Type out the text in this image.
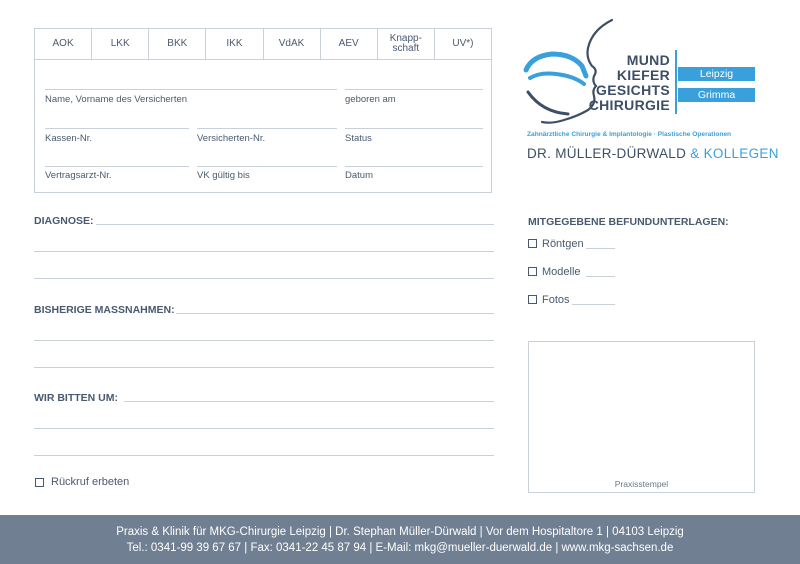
AOK	LKK	BKK	IKK	VdAK	AEV	Knapp-
schaft	UV*)
Name, Vorname des Versicherten	geboren am
Kassen-Nr.	Versicherten-Nr.	Status
Vertragsarzt-Nr.	VK gültig bis	Datum
MUND
KIEFER
GESICHTS
CHIRURGIE
Leipzig
Grimma
Zahnärztliche Chirurgie & Implantologie · Plastische Operationen
DR. MÜLLER-DÜRWALD & KOLLEGEN
DIAGNOSE:
BISHERIGE MASSNAHMEN:
WIR BITTEN UM:
Rückruf erbeten
MITGEGEBENE BEFUNDUNTERLAGEN:
Röntgen
Modelle
Fotos
Praxisstempel
Praxis & Klinik für MKG-Chirurgie Leipzig | Dr. Stephan Müller-Dürwald | Vor dem Hospitaltore 1 | 04103 Leipzig
Tel.: 0341-99 39 67 67 | Fax: 0341-22 45 87 94 | E-Mail: mkg@mueller-duerwald.de | www.mkg-sachsen.de
